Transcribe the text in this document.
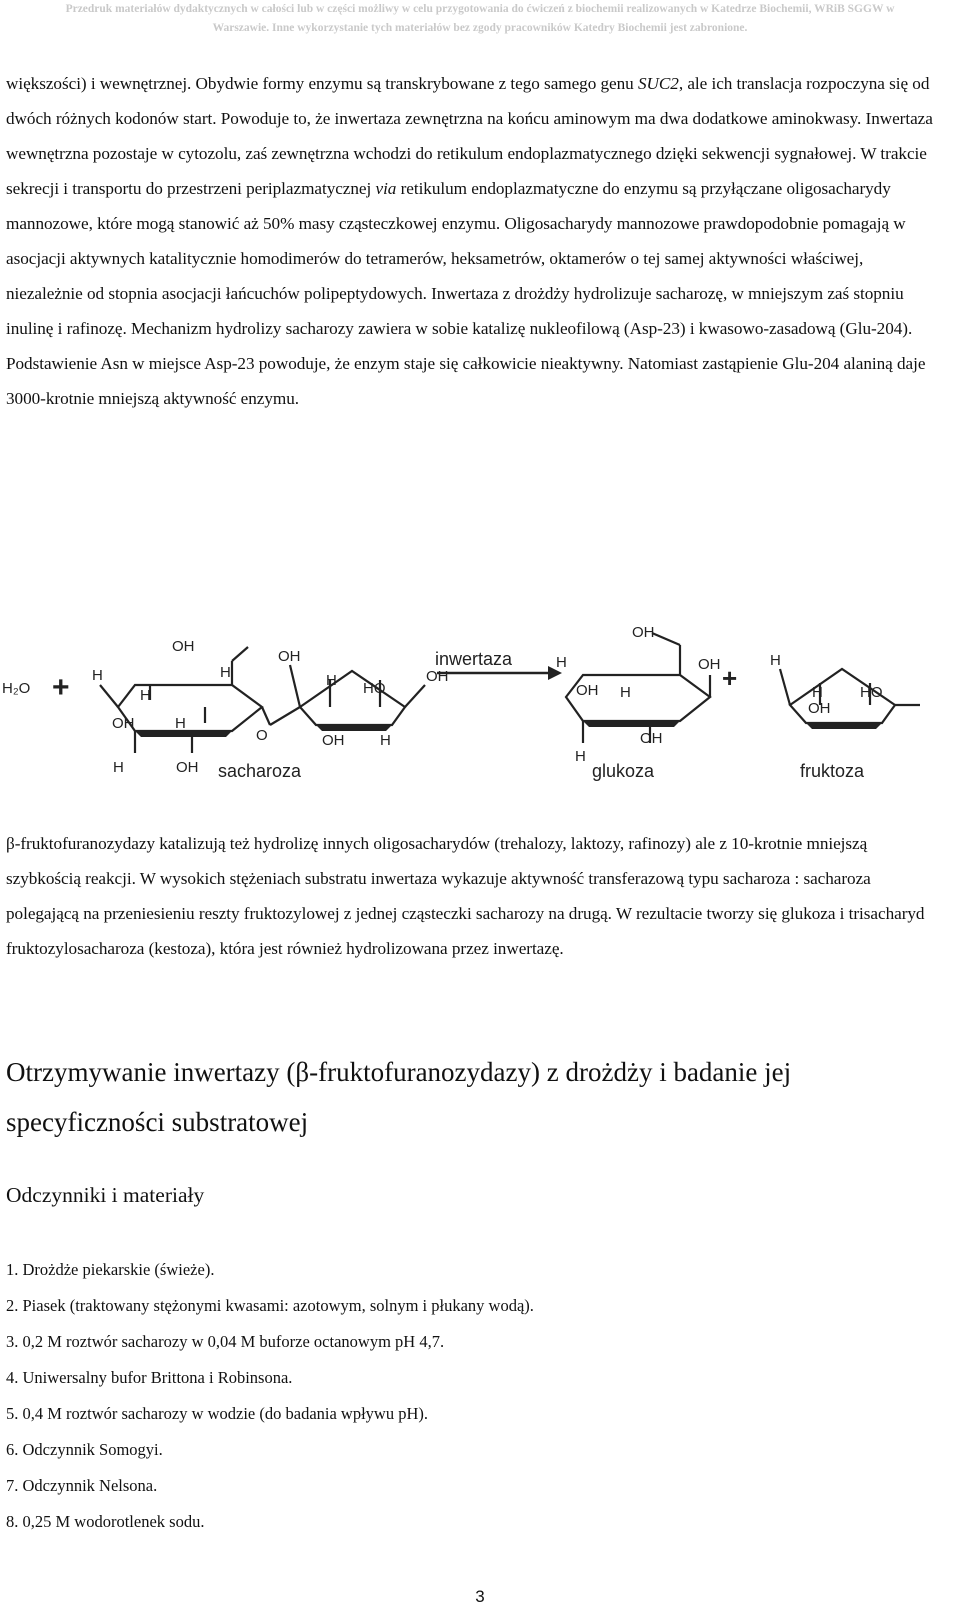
Przedruk materiałów dydaktycznych w całości lub w części możliwy w celu przygotowania do ćwiczeń z biochemii realizowanych w Katedrze Biochemii, WRiB SGGW w
Warszawie. Inne wykorzystanie tych materiałów bez zgody pracowników Katedry Biochemii jest zabronione.

większości) i wewnętrznej. Obydwie formy enzymu są transkrybowane z tego samego genu SUC2, ale ich translacja rozpoczyna się od dwóch różnych kodonów start. Powoduje to, że inwertaza zewnętrzna na końcu aminowym ma dwa dodatkowe aminokwasy. Inwertaza wewnętrzna pozostaje w cytozolu, zaś zewnętrzna wchodzi do retikulum endoplazmatycznego dzięki sekwencji sygnałowej. W trakcie sekrecji i transportu do przestrzeni periplazmatycznej via retikulum endoplazmatyczne do enzymu są przyłączane oligosacharydy mannozowe, które mogą stanowić aż 50% masy cząsteczkowej enzymu. Oligosacharydy mannozowe prawdopodobnie pomagają w asocjacji aktywnych katalitycznie homodimerów do tetramerów, heksametrów, oktamerów o tej samej aktywności właściwej, niezależnie od stopnia asocjacji łańcuchów polipeptydowych. Inwertaza z drożdży hydrolizuje sacharozę, w mniejszym zaś stopniu inulinę i rafinozę. Mechanizm hydrolizy sacharozy zawiera w sobie katalizę nukleofilową (Asp-23) i kwasowo-zasadową (Glu-204). Podstawienie Asn w miejsce Asp-23 powoduje, że enzym staje się całkowicie nieaktywny. Natomiast zastąpienie Glu-204 alaniną daje 3000-krotnie mniejszą aktywność enzymu.

H₂O + H
H
H
OH	H
H	OH
OH
O
OH
H HO
OH H
OH
sacharoza
inwertaza
OH
H	OH
OH H
H
OH
glukoza
+
H
H HO
OH
fruktoza

β-fruktofuranozydazy katalizują też hydrolizę innych oligosacharydów (trehalozy, laktozy, rafinozy) ale z 10-krotnie mniejszą szybkością reakcji. W wysokich stężeniach substratu inwertaza wykazuje aktywność transferazową typu sacharoza : sacharoza polegającą na przeniesieniu reszty fruktozylowej z jednej cząsteczki sacharozy na drugą. W rezultacie tworzy się glukoza i trisacharyd fruktozylosacharoza (kestoza), która jest również hydrolizowana przez inwertazę.

Otrzymywanie inwertazy (β-fruktofuranozydazy) z drożdży i badanie jej specyficzności substratowej
Odczynniki i materiały
1. Drożdże piekarskie (świeże).
2. Piasek (traktowany stężonymi kwasami: azotowym, solnym i płukany wodą).
3. 0,2 M roztwór sacharozy w 0,04 M buforze octanowym pH 4,7.
4. Uniwersalny bufor Brittona i Robinsona.
5. 0,4 M roztwór sacharozy w wodzie (do badania wpływu pH).
6. Odczynnik Somogyi.
7. Odczynnik Nelsona.
8. 0,25 M wodorotlenek sodu.
3
